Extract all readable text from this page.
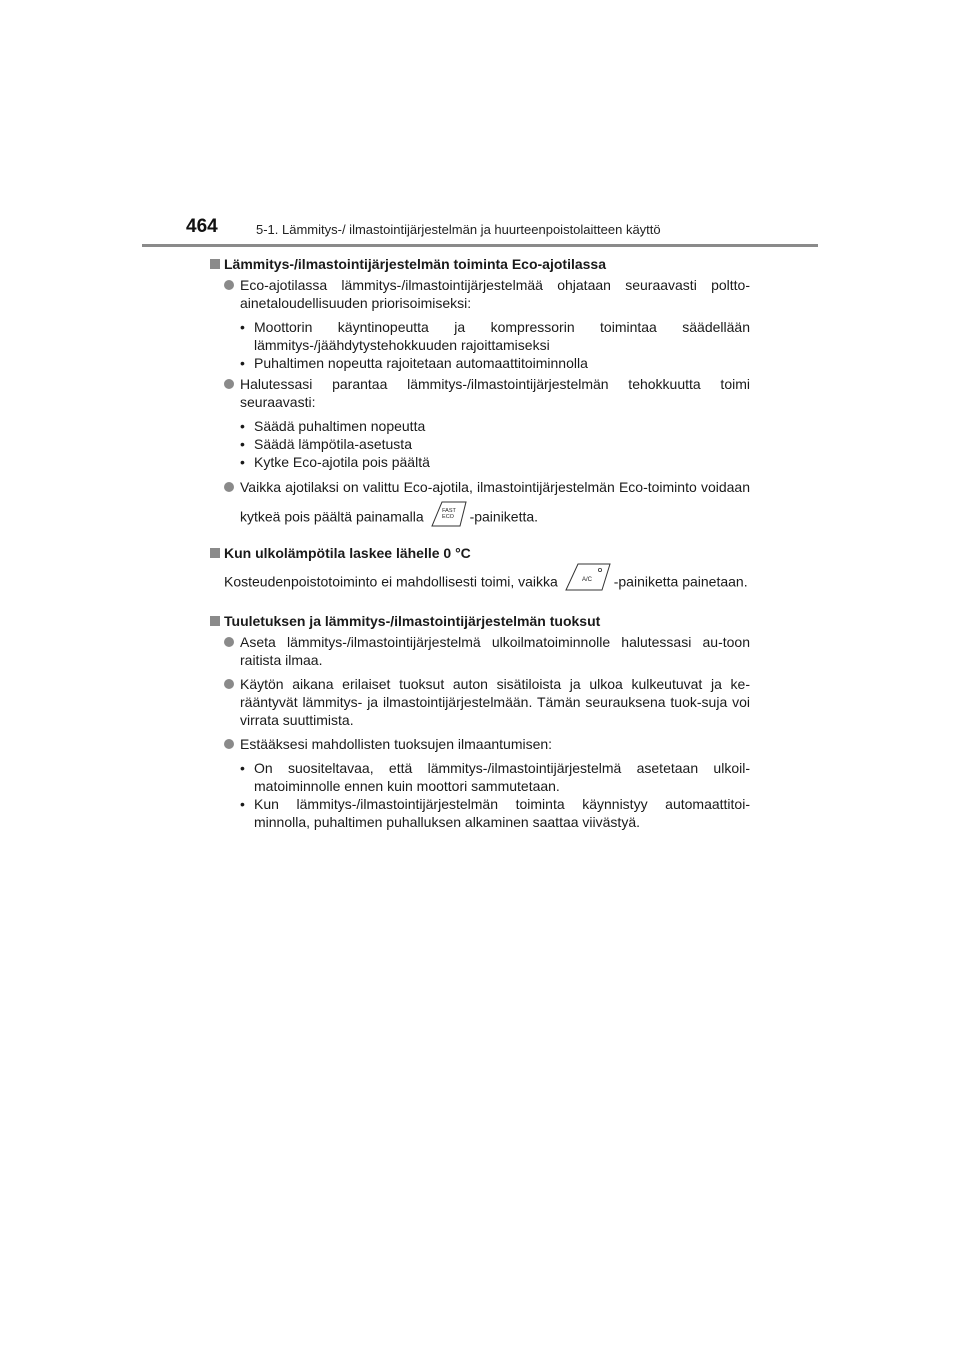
464	5-1. Lämmitys-/ ilmastointijärjestelmän ja huurteenpoistolaitteen käyttö

Lämmitys-/ilmastointijärjestelmän toiminta Eco-ajotilassa

Eco-ajotilassa lämmitys-/ilmastointijärjestelmää ohjataan seuraavasti poltto-ainetaloudellisuuden priorisoimiseksi:

• Moottorin käyntinopeutta ja kompressorin toimintaa säädellään lämmitys-/jäähdytystehokkuuden rajoittamiseksi

• Puhaltimen nopeutta rajoitetaan automaattitoiminnolla

Halutessasi parantaa lämmitys-/ilmastointijärjestelmän tehokkuutta toimi seuraavasti:

• Säädä puhaltimen nopeutta

• Säädä lämpötila-asetusta

• Kytke Eco-ajotila pois päältä

Vaikka ajotilaksi on valittu Eco-ajotila, ilmastointijärjestelmän Eco-toiminto voidaan kytkeä pois päältä painamalla	FAST
ECO -painiketta.

Kun ulkolämpötila laskee lähelle 0 °C

Kosteudenpoistotoiminto ei mahdollisesti toimi, vaikka	A/C -painiketta painetaan.

Tuuletuksen ja lämmitys-/ilmastointijärjestelmän tuoksut

Aseta lämmitys-/ilmastointijärjestelmä ulkoilmatoiminnolle halutessasi au-toon raitista ilmaa.

Käytön aikana erilaiset tuoksut auton sisätiloista ja ulkoa kulkeutuvat ja ke-rääntyvät lämmitys- ja ilmastointijärjestelmään. Tämän seurauksena tuok-suja voi virrata suuttimista.

Estääksesi mahdollisten tuoksujen ilmaantumisen:

• On suositeltavaa, että lämmitys-/ilmastointijärjestelmä asetetaan ulkoil-matoiminnolle ennen kuin moottori sammutetaan.

• Kun lämmitys-/ilmastointijärjestelmän toiminta käynnistyy automaattitoi-minnolla, puhaltimen puhalluksen alkaminen saattaa viivästyä.
